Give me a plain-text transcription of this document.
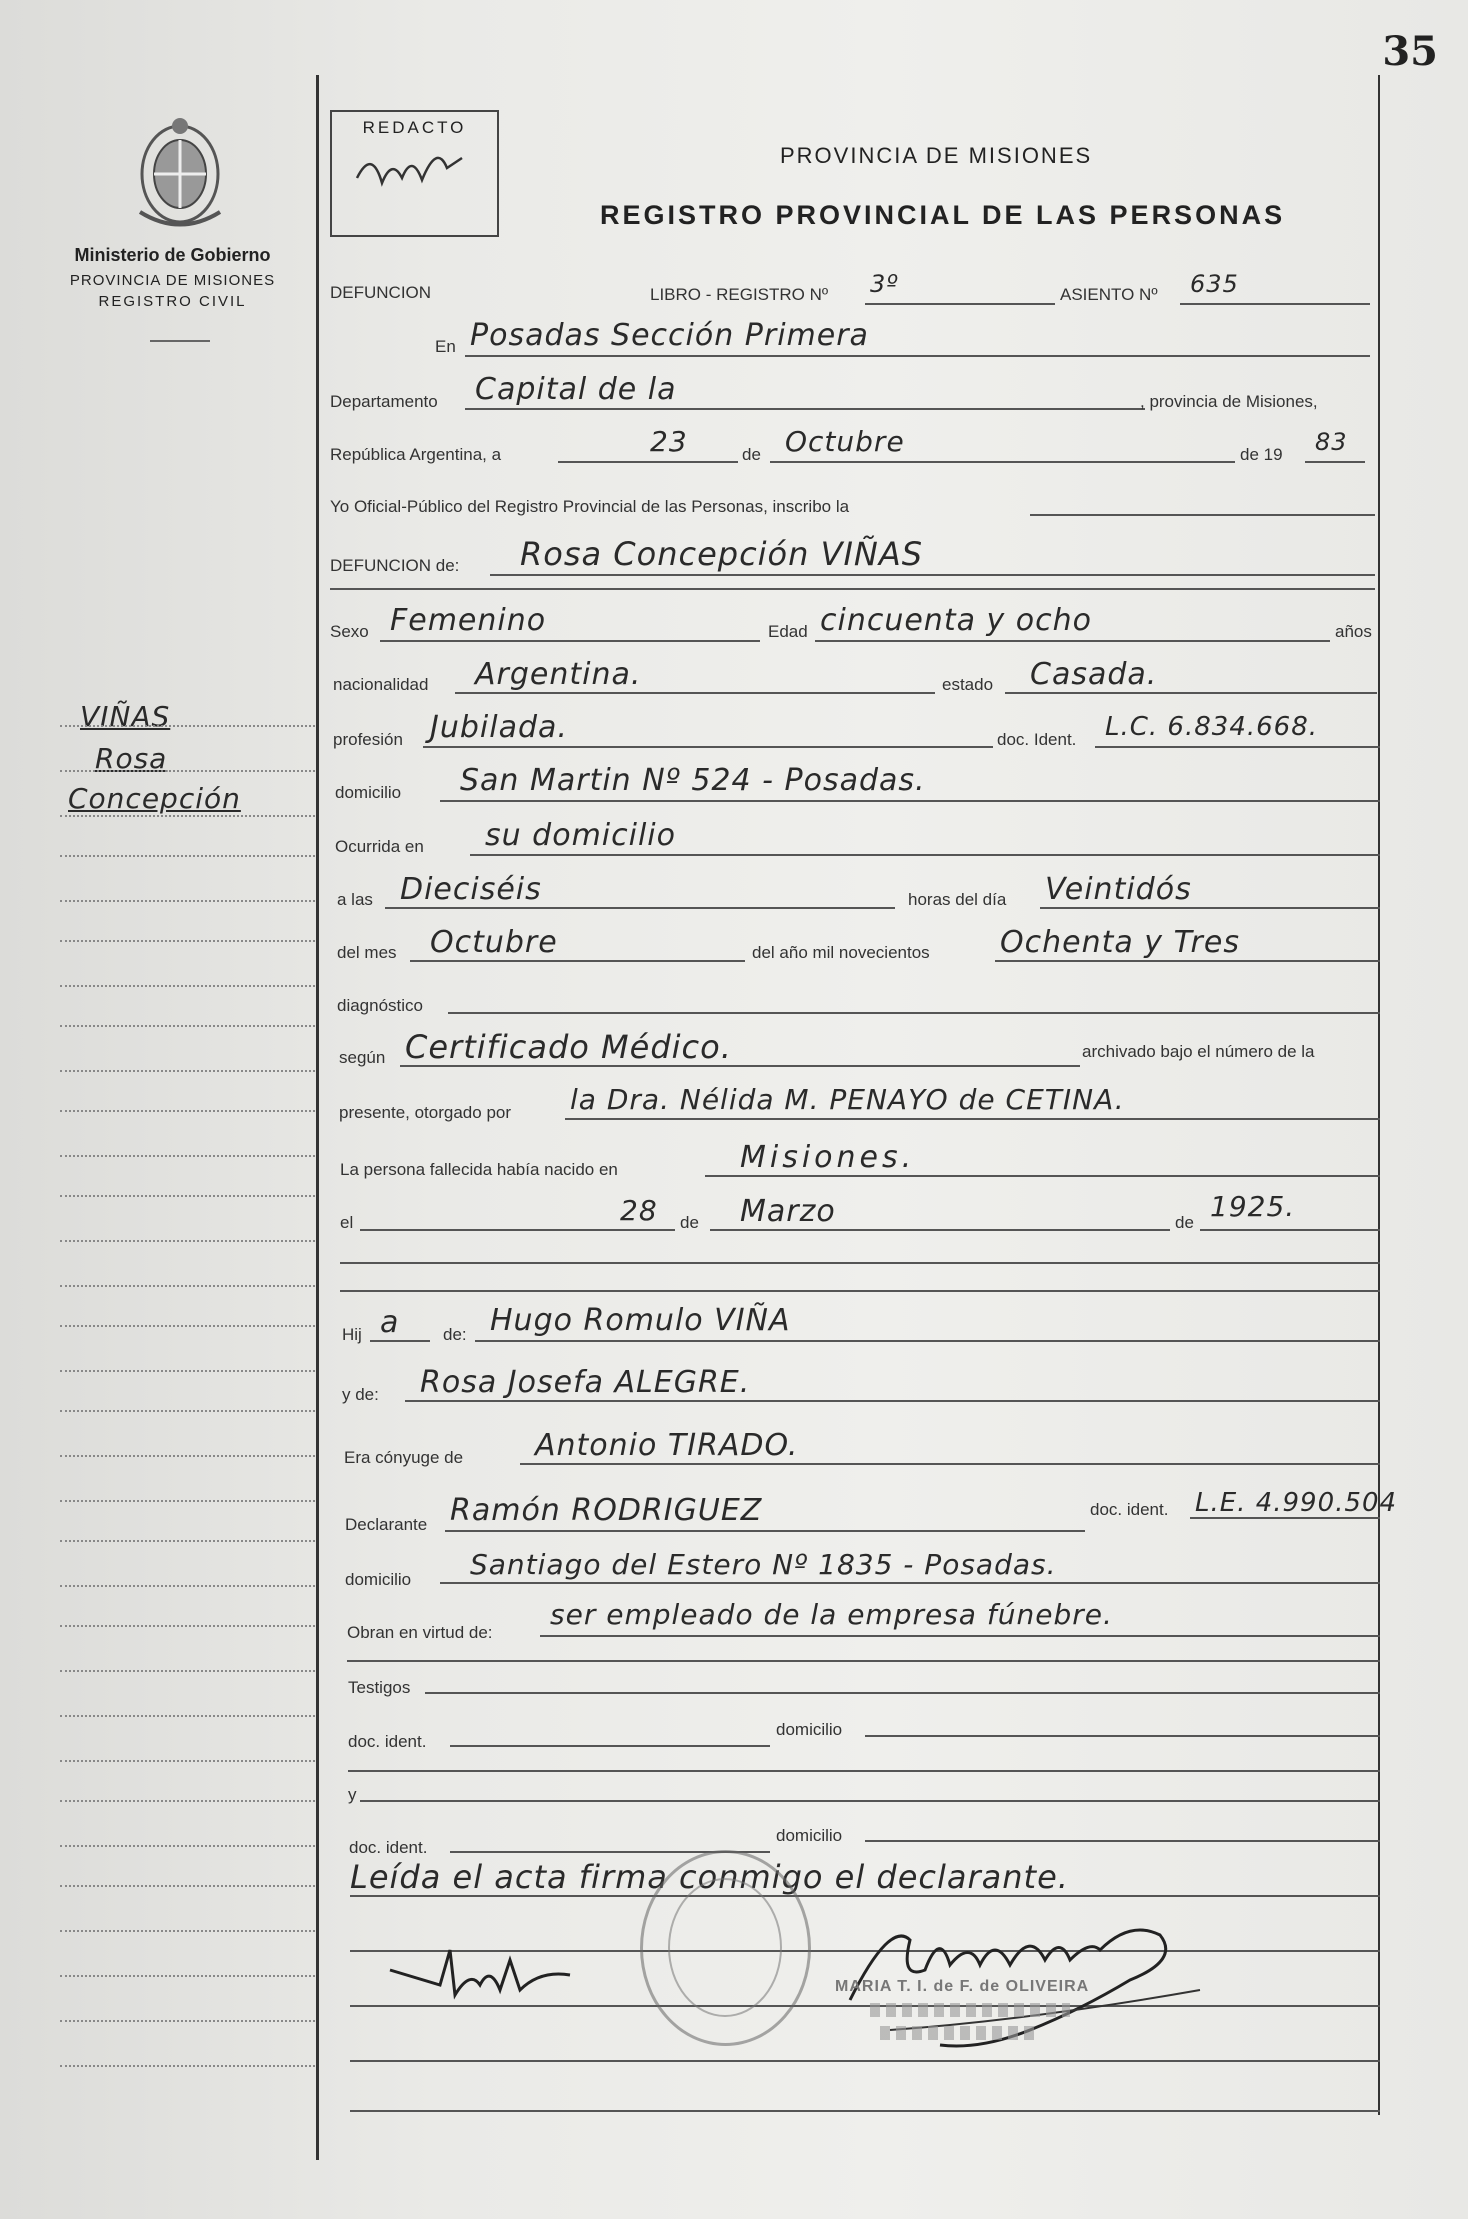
35
Ministerio de Gobierno
PROVINCIA DE MISIONES
REGISTRO CIVIL
REDACTO
PROVINCIA DE MISIONES
REGISTRO PROVINCIAL DE LAS PERSONAS
VIÑAS
Rosa
Concepción
DEFUNCION	LIBRO - REGISTRO Nº 3º	ASIENTO Nº 635
En Posadas Sección Primera
Departamento Capital de la	, provincia de Misiones,
República Argentina, a	23	de Octubre	de 19 83
Yo Oficial-Público del Registro Provincial de las Personas, inscribo la
DEFUNCION de: Rosa Concepción VIÑAS
Sexo Femenino	Edad cincuenta y ocho	años
nacionalidad Argentina.	estado Casada.
profesión Jubilada.	doc. Ident. L.C. 6.834.668.
domicilio San Martin Nº 524 - Posadas.
Ocurrida en su domicilio
a las Dieciséis	horas del día Veintidós
del mes Octubre	del año mil novecientos Ochenta y Tres
diagnóstico
según Certificado Médico.	archivado bajo el número de la
presente, otorgado por la Dra. Nélida M. PENAYO de CETINA.
La persona fallecida había nacido en	Misiones.
el	28 de Marzo	de 1925.
Hij a	de: Hugo Romulo VIÑA
y de: Rosa Josefa ALEGRE.
Era cónyuge de Antonio TIRADO.
Declarante Ramón RODRIGUEZ	doc. ident. L.E. 4.990.504
domicilio Santiago del Estero Nº 1835 - Posadas.
Obran en virtud de:
ser empleado de la empresa fúnebre.
Testigos
doc. ident.
domicilio
y
doc. ident.
domicilio
Leída el acta firma conmigo el declarante.
MARIA T. I. de F. de OLIVEIRA
